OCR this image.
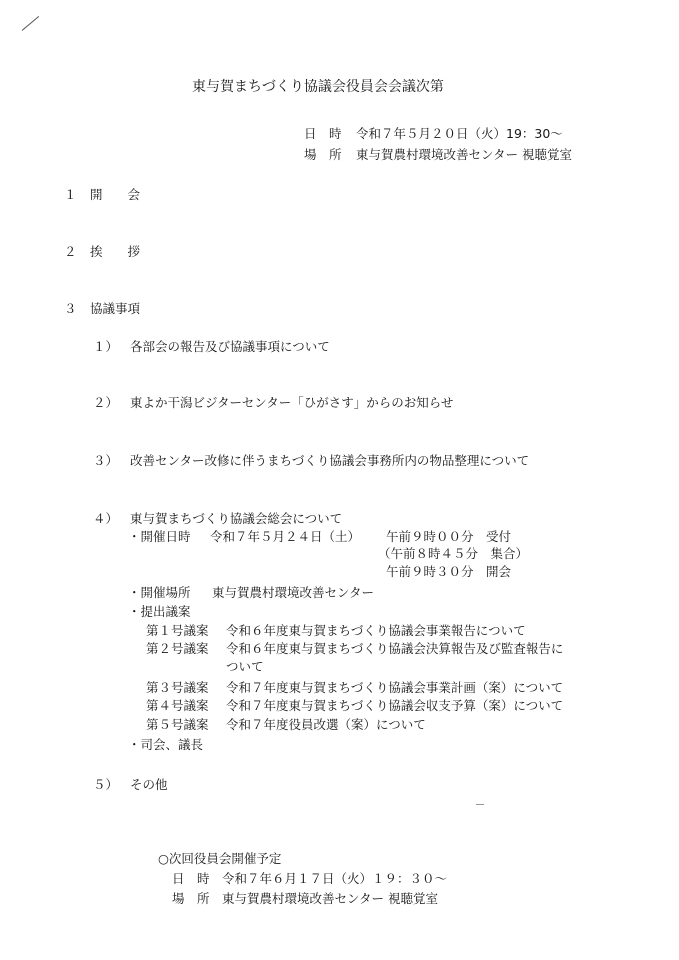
東与賀まちづくり協議会役員会会議次第
日　時 令和７年５月２０日（火）19：30〜
場　所 東与賀農村環境改善センター 視聴覚室
１ 開　　会
２ 挨　　拶
３ 協議事項
１） 各部会の報告及び協議事項について
２） 東よか干潟ビジターセンター「ひがさす」からのお知らせ
３） 改善センター改修に伴うまちづくり協議会事務所内の物品整理について
４） 東与賀まちづくり協議会総会について
・開催日時 令和７年５月２４日（土） 午前９時００分　受付
（午前８時４５分　集合）
午前９時３０分　開会
・開催場所 東与賀農村環境改善センター
・提出議案
第１号議案 令和６年度東与賀まちづくり協議会事業報告について
第２号議案 令和６年度東与賀まちづくり協議会決算報告及び監査報告に
ついて
第３号議案 令和７年度東与賀まちづくり協議会事業計画（案）について
第４号議案 令和７年度東与賀まちづくり協議会収支予算（案）について
第５号議案 令和７年度役員改選（案）について
・司会、議長
５） その他
○次回役員会開催予定
日　時 令和７年６月１７日（火）１９：３０〜
場　所 東与賀農村環境改善センター 視聴覚室
